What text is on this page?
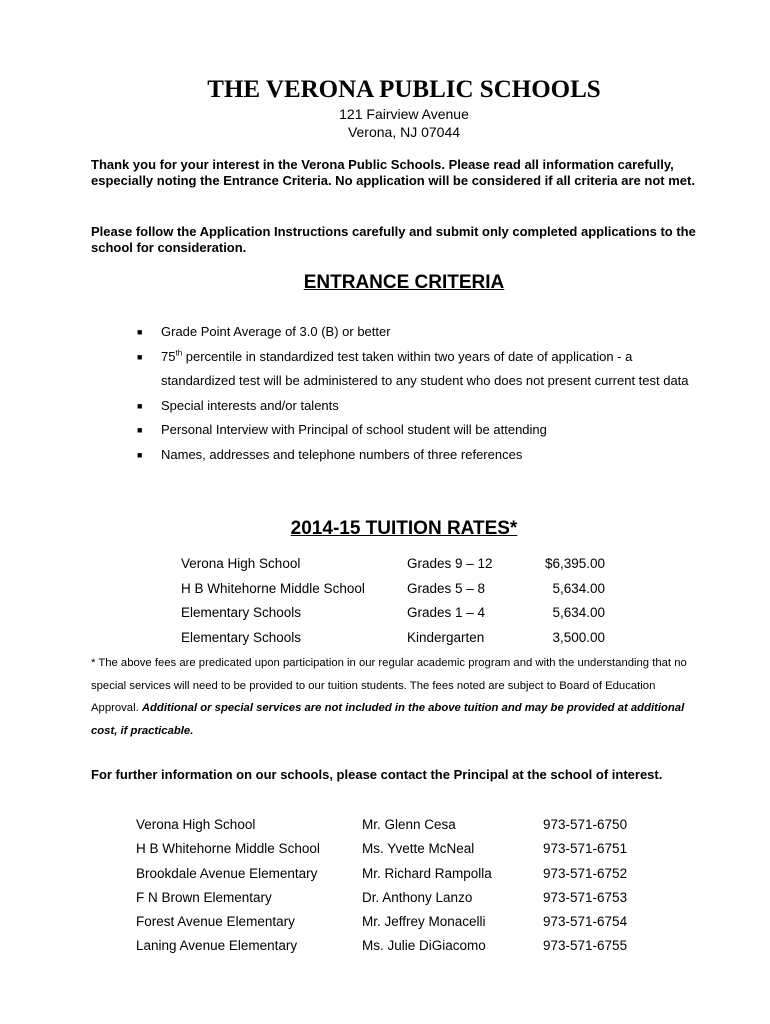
THE VERONA PUBLIC SCHOOLS
121 Fairview Avenue
Verona, NJ 07044
Thank you for your interest in the Verona Public Schools. Please read all information carefully, especially noting the Entrance Criteria. No application will be considered if all criteria are not met.
Please follow the Application Instructions carefully and submit only completed applications to the school for consideration.
ENTRANCE CRITERIA
■ Grade Point Average of 3.0 (B) or better
■ 75th percentile in standardized test taken within two years of date of application - a standardized test will be administered to any student who does not present current test data
■ Special interests and/or talents
■ Personal Interview with Principal of school student will be attending
■ Names, addresses and telephone numbers of three references
2014-15 TUITION RATES*
Verona High School	Grades 9 – 12	$6,395.00
H B Whitehorne Middle School	Grades 5 – 8	5,634.00
Elementary Schools	Grades 1 – 4	5,634.00
Elementary Schools	Kindergarten	3,500.00
* The above fees are predicated upon participation in our regular academic program and with the understanding that no special services will need to be provided to our tuition students. The fees noted are subject to Board of Education Approval. Additional or special services are not included in the above tuition and may be provided at additional cost, if practicable.
For further information on our schools, please contact the Principal at the school of interest.
Verona High School	Mr. Glenn Cesa	973-571-6750
H B Whitehorne Middle School	Ms. Yvette McNeal	973-571-6751
Brookdale Avenue Elementary	Mr. Richard Rampolla	973-571-6752
F N Brown Elementary	Dr. Anthony Lanzo	973-571-6753
Forest Avenue Elementary	Mr. Jeffrey Monacelli	973-571-6754
Laning Avenue Elementary	Ms. Julie DiGiacomo	973-571-6755
